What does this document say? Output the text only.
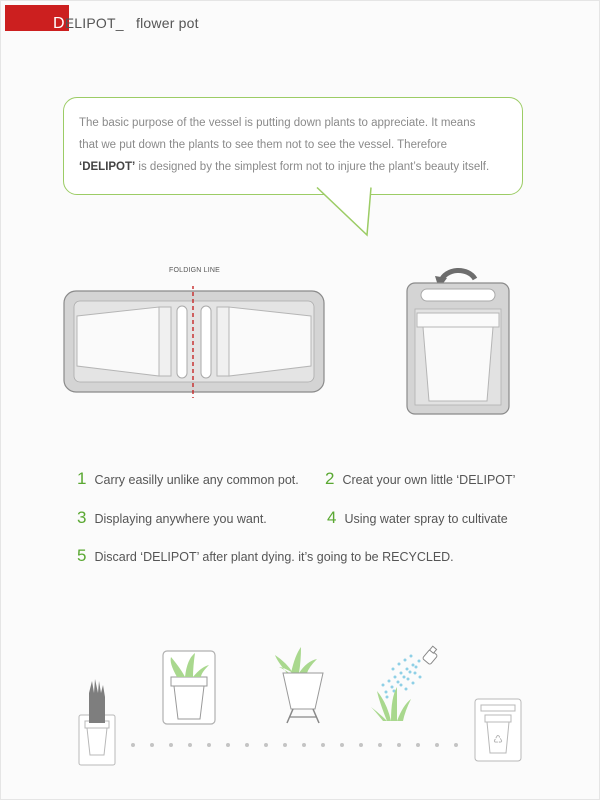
DELIPOT_ flower pot
The basic purpose of the vessel is putting down plants to appreciate. It means
that we put down the plants to see them not to see the vessel. Therefore
‘DELIPOT’ is designed by the simplest form not to injure the plant’s beauty itself.
FOLDIGN LINE
1 Carry easilly unlike any common pot. 2 Creat your own little ‘DELIPOT’
3 Displaying anywhere you want.	4 Using water spray to cultivate
5 Discard ‘DELIPOT’ after plant dying. it’s going to be RECYCLED.
♺
